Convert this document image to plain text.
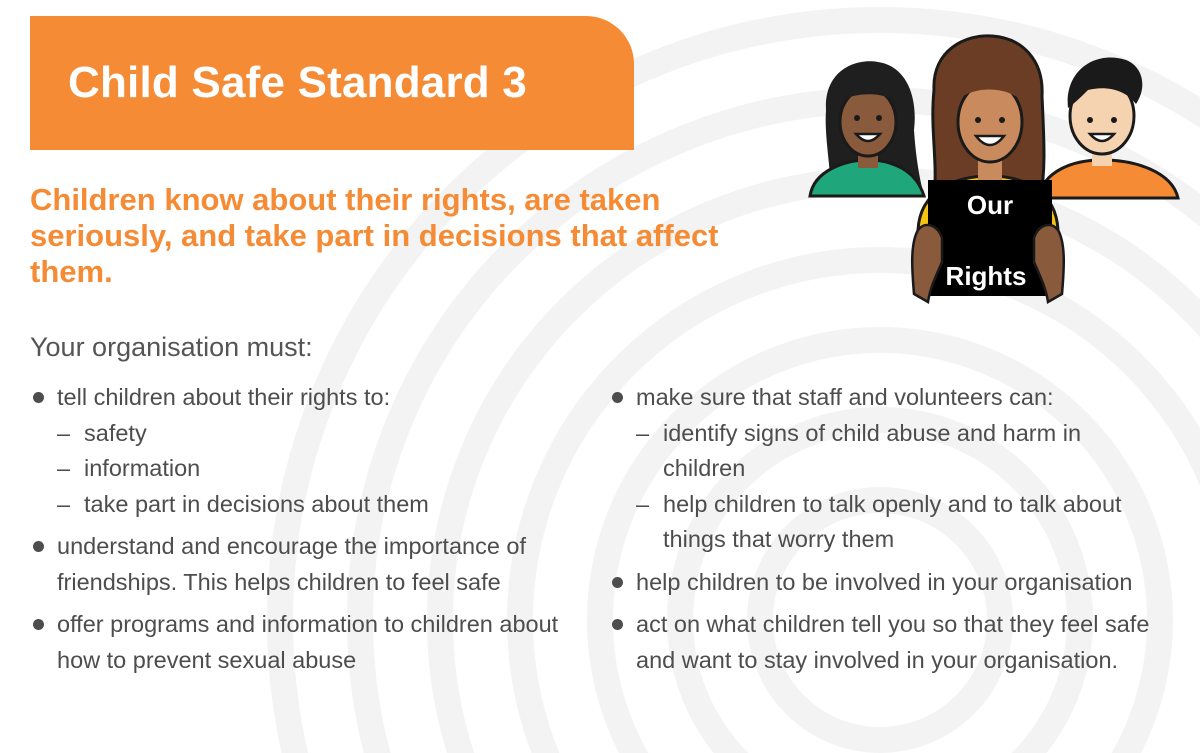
Child Safe Standard 3
Children know about their rights, are taken seriously, and take part in decisions that affect them.
Our
Rights
Your organisation must:
tell children about their rights to:
– safety
– information
– take part in decisions about them
understand and encourage the importance of friendships. This helps children to feel safe
offer programs and information to children about how to prevent sexual abuse
make sure that staff and volunteers can:
– identify signs of child abuse and harm in children
– help children to talk openly and to talk about things that worry them
help children to be involved in your organisation
act on what children tell you so that they feel safe and want to stay involved in your organisation.
